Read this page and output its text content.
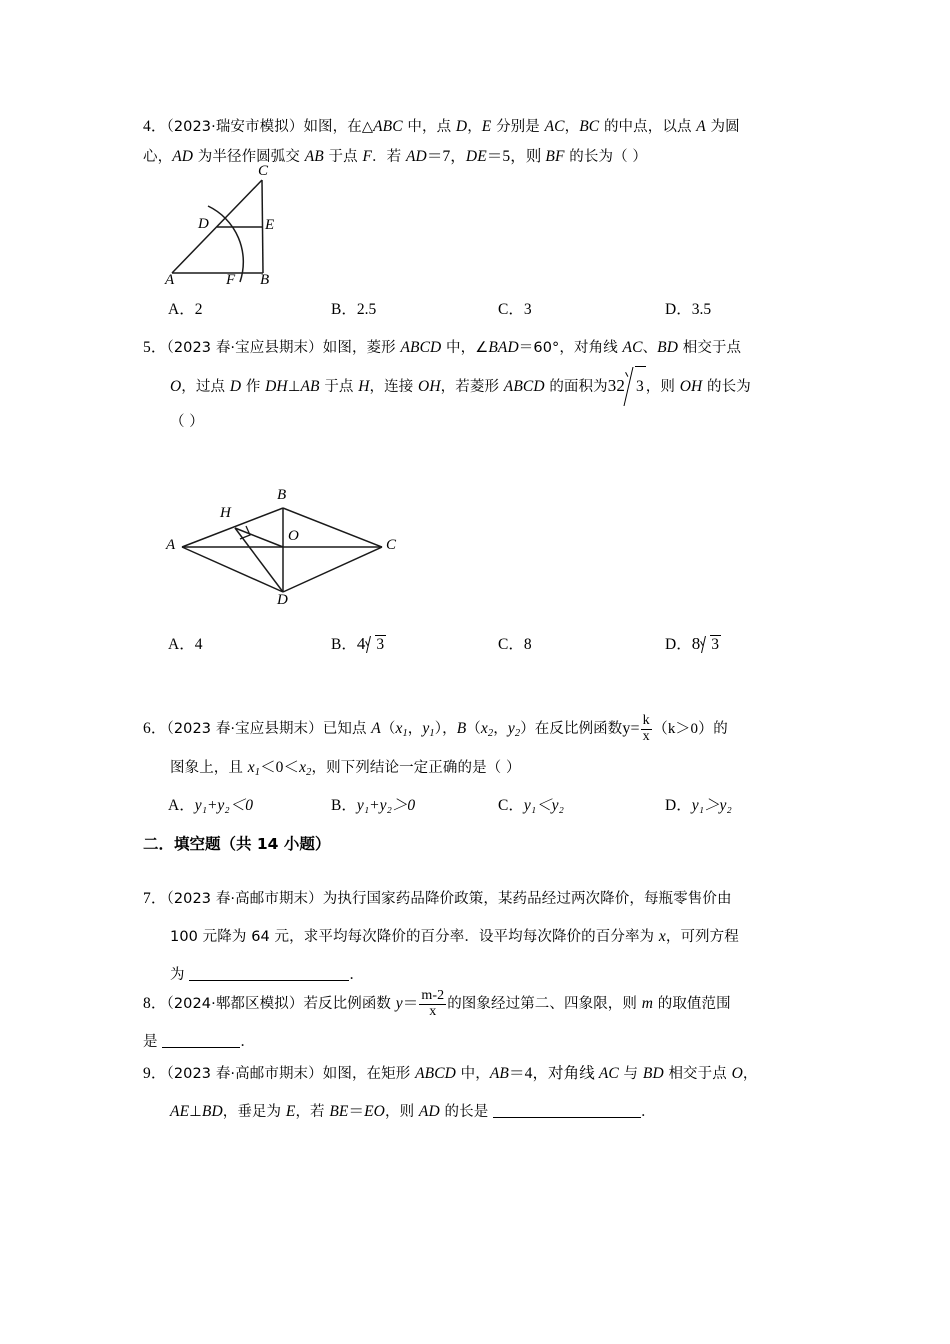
4．（2023·瑞安市模拟）如图，在△ABC 中，点 D，E 分别是 AC，BC 的中点，以点 A 为圆
心，AD 为半径作圆弧交 AB 于点 F．若 AD＝7，DE＝5，则 BF 的长为（ ）
C
D	E
A	F B
A．2	B．2.5	C．3	D．3.5
5．（2023 春·宝应县期末）如图，菱形 ABCD 中，∠BAD＝60°，对角线 AC、BD 相交于点
O，过点 D 作 DH⊥AB 于点 H，连接 OH，若菱形 ABCD 的面积为32 3 ，则 OH 的长为
（ ）
B
H
O
A	C
D
A．4	B．4 3	C．8	D．8 3
6．（2023 春·宝应县期末）已知点 $A(x_1$，$y_1$），$B(x_2$，$y_2$）在反比例函数$y= \frac{k}{x} (k>0)$的
图象上，且 $x_1<0<x_2$，则下列结论一定正确的是（ ）
A．y₁+y₂＜0	B．y₁+y₂＞0	C．y₁＜y₂	D．y₁＞y₂
二．填空题（共 14 小题）
7．（2023 春·高邮市期末）为执行国家药品降价政策，某药品经过两次降价，每瓶零售价由
100 元降为 64 元，求平均每次降价的百分率．设平均每次降价的百分率为 x，可列方程
为	．
8．（2024·郫都区模拟）若反比例函数 $y= \frac{m-2}{x}$ 的图象经过第二、四象限，则 m 的取值范围
是	．
9．（2023 春·高邮市期末）如图，在矩形 ABCD 中，AB＝4，对角线 AC 与 BD 相交于点 O，
AE⊥BD，垂足为 E，若 BE＝EO，则 AD 的长是	．
